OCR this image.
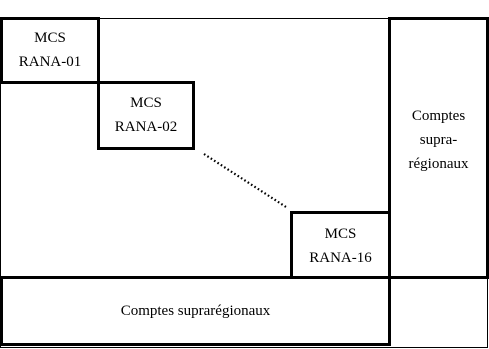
Comptes
supra-
régionaux
Comptes suprarégionaux
MCS
RANA-01
MCS
RANA-02
MCS
RANA-16
